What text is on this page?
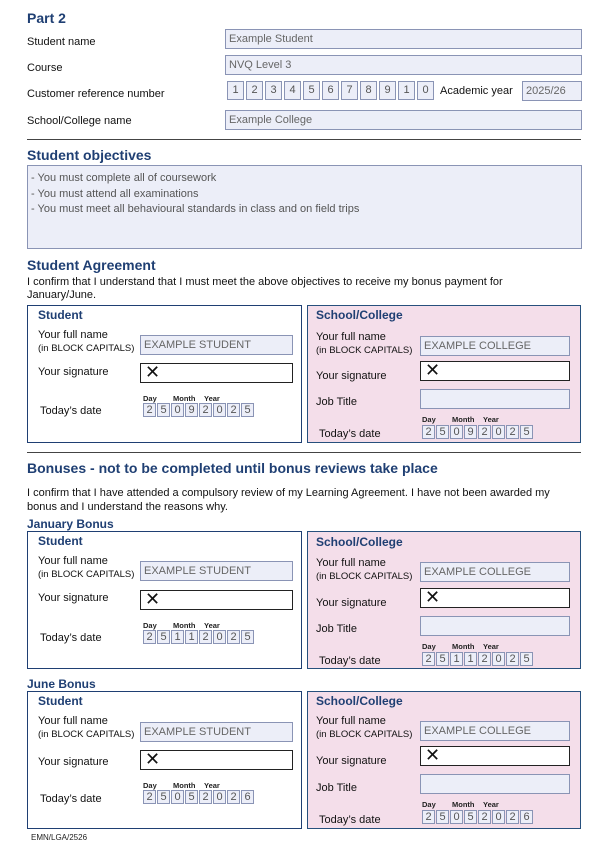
Part 2
Student name	Example Student
Course	NVQ Level 3
Customer reference number	1	2	3	4	5	6	7	8	9	1	0	Academic year	2025/26
School/College name	Example College
Student objectives
- You must complete all of coursework
- You must attend all examinations
- You must meet all behavioural standards in class and on field trips
Student Agreement
I confirm that I understand that I must meet the above objectives to receive my bonus payment for January/June.
Student
Your full name
(in BLOCK CAPITALS) EXAMPLE STUDENT
Your signature ✕
Day Month Year
Today’s date	2 5 0 9 2 0 2 5
School/College
Your full name
(in BLOCK CAPITALS)	EXAMPLE COLLEGE
Your signature ✕
Job Title
Day Month Year
Today’s date	2 5 0 9 2 0 2 5
Bonuses - not to be completed until bonus reviews take place
I confirm that I have attended a compulsory review of my Learning Agreement. I have not been awarded my bonus and I understand the reasons why.
January Bonus
Student
Your full name
(in BLOCK CAPITALS) EXAMPLE STUDENT
Your signature ✕
Day Month Year
Today’s date	2 5 1 1 2 0 2 5
School/College
Your full name
(in BLOCK CAPITALS)	EXAMPLE COLLEGE
Your signature ✕
Job Title
Day Month Year
Today’s date	2 5 1 1 2 0 2 5
June Bonus
Student
Your full name
(in BLOCK CAPITALS) EXAMPLE STUDENT
Your signature ✕
Day Month Year
Today’s date	2 5 0 5 2 0 2 6
School/College
Your full name
(in BLOCK CAPITALS)	EXAMPLE COLLEGE
Your signature ✕
Job Title
Day Month Year
Today’s date	2 5 0 5 2 0 2 6
EMN/LGA/2526
